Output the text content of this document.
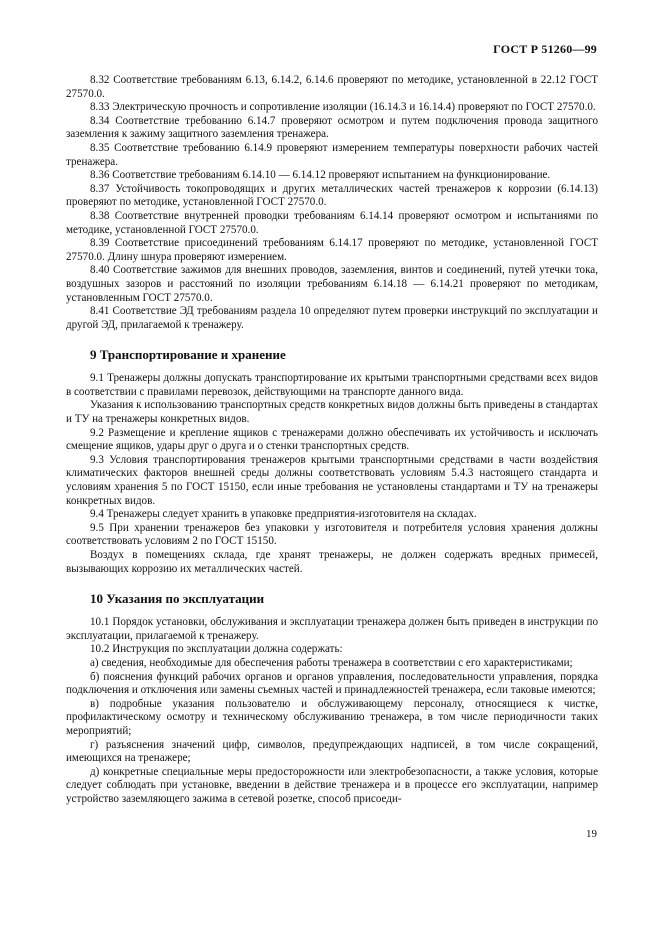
ГОСТ Р 51260—99

8.32 Соответствие требованиям 6.13, 6.14.2, 6.14.6 проверяют по методике, установленной в 22.12 ГОСТ 27570.0.

8.33 Электрическую прочность и сопротивление изоляции (16.14.3 и 16.14.4) проверяют по ГОСТ 27570.0.

8.34 Соответствие требованию 6.14.7 проверяют осмотром и путем подключения провода защитного заземления к зажиму защитного заземления тренажера.

8.35 Соответствие требованию 6.14.9 проверяют измерением температуры поверхности рабочих частей тренажера.

8.36 Соответствие требованиям 6.14.10 — 6.14.12 проверяют испытанием на функционирование.

8.37 Устойчивость токопроводящих и других металлических частей тренажеров к коррозии (6.14.13) проверяют по методике, установленной ГОСТ 27570.0.

8.38 Соответствие внутренней проводки требованиям 6.14.14 проверяют осмотром и испытаниями по методике, установленной ГОСТ 27570.0.

8.39 Соответствие присоединений требованиям 6.14.17 проверяют по методике, установленной ГОСТ 27570.0. Длину шнура проверяют измерением.

8.40 Соответствие зажимов для внешних проводов, заземления, винтов и соединений, путей утечки тока, воздушных зазоров и расстояний по изоляции требованиям 6.14.18 — 6.14.21 проверяют по методикам, установленным ГОСТ 27570.0.

8.41 Соответствие ЭД требованиям раздела 10 определяют путем проверки инструкций по эксплуатации и другой ЭД, прилагаемой к тренажеру.

9 Транспортирование и хранение

9.1 Тренажеры должны допускать транспортирование их крытыми транспортными средствами всех видов в соответствии с правилами перевозок, действующими на транспорте данного вида.

Указания к использованию транспортных средств конкретных видов должны быть приведены в стандартах и ТУ на тренажеры конкретных видов.

9.2 Размещение и крепление ящиков с тренажерами должно обеспечивать их устойчивость и исключать смещение ящиков, удары друг о друга и о стенки транспортных средств.

9.3 Условия транспортирования тренажеров крытыми транспортными средствами в части воздействия климатических факторов внешней среды должны соответствовать условиям 5.4.3 настоящего стандарта и условиям хранения 5 по ГОСТ 15150, если иные требования не установлены стандартами и ТУ на тренажеры конкретных видов.

9.4 Тренажеры следует хранить в упаковке предприятия-изготовителя на складах.

9.5 При хранении тренажеров без упаковки у изготовителя и потребителя условия хранения должны соответствовать условиям 2 по ГОСТ 15150.

Воздух в помещениях склада, где хранят тренажеры, не должен содержать вредных примесей, вызывающих коррозию их металлических частей.

10 Указания по эксплуатации

10.1 Порядок установки, обслуживания и эксплуатации тренажера должен быть приведен в инструкции по эксплуатации, прилагаемой к тренажеру.

10.2 Инструкция по эксплуатации должна содержать:

а) сведения, необходимые для обеспечения работы тренажера в соответствии с его характеристиками;

б) пояснения функций рабочих органов и органов управления, последовательности управления, порядка подключения и отключения или замены съемных частей и принадлежностей тренажера, если таковые имеются;

в) подробные указания пользователю и обслуживающему персоналу, относящиеся к чистке, профилактическому осмотру и техническому обслуживанию тренажера, в том числе периодичности таких мероприятий;

г) разъяснения значений цифр, символов, предупреждающих надписей, в том числе сокращений, имеющихся на тренажере;

д) конкретные специальные меры предосторожности или электробезопасности, а также условия, которые следует соблюдать при установке, введении в действие тренажера и в процессе его эксплуатации, например устройство заземляющего зажима в сетевой розетке, способ присоеди-

19
